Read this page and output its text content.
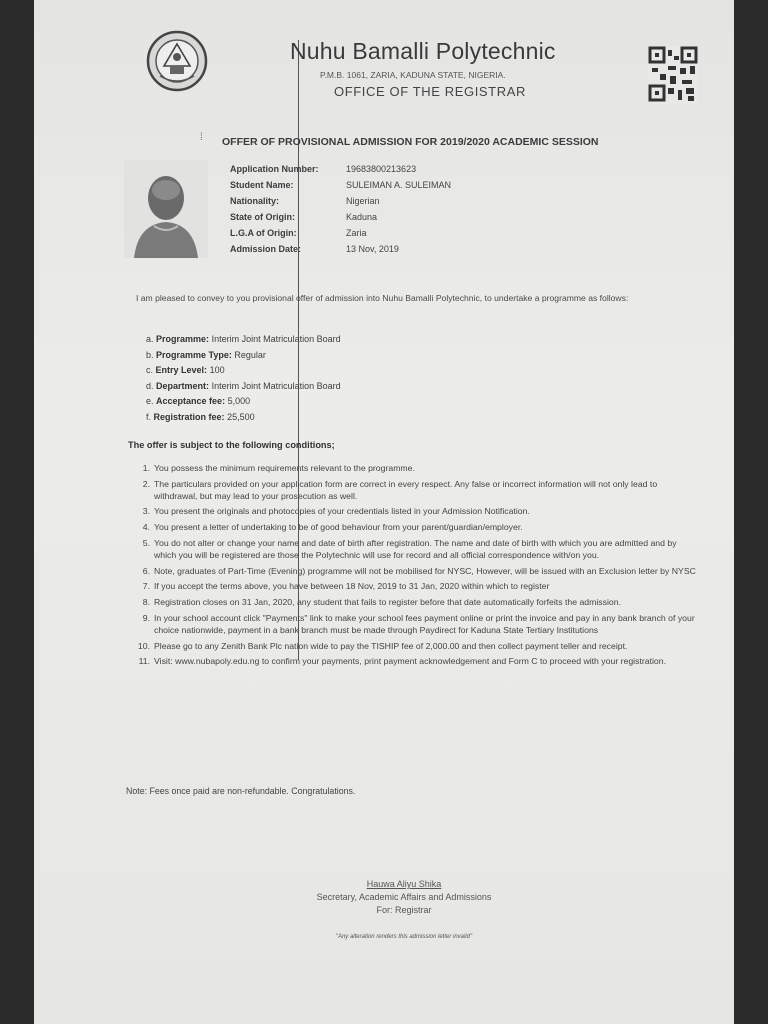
Nuhu Bamalli Polytechnic
P.M.B. 1061, ZARIA, KADUNA STATE, NIGERIA.
OFFICE OF THE REGISTRAR
⁞ OFFER OF PROVISIONAL ADMISSION FOR 2019/2020 ACADEMIC SESSION
Application Number:	19683800213623
Student Name:	SULEIMAN A. SULEIMAN
Nationality:	Nigerian
State of Origin:	Kaduna
L.G.A of Origin:	Zaria
Admission Date:	13 Nov, 2019
I am pleased to convey to you provisional offer of admission into Nuhu Bamalli Polytechnic, to undertake a programme as follows:
a. Programme: Interim Joint Matriculation Board
b. Programme Type: Regular
c. Entry Level: 100
d. Department: Interim Joint Matriculation Board
e. Acceptance fee: 5,000
f. Registration fee: 25,500
The offer is subject to the following conditions;
1. You possess the minimum requirements relevant to the programme.
2. The particulars provided on your application form are correct in every respect. Any false or incorrect information will not only lead to withdrawal, but may lead to your prosecution as well.
3. You present the originals and photocopies of your credentials listed in your Admission Notification.
4. You present a letter of undertaking to be of good behaviour from your parent/guardian/employer.
5. You do not alter or change your name and date of birth after registration. The name and date of birth with which you are admitted and by which you will be registered are those the Polytechnic will use for record and all official correspondence with/on you.
6. Note, graduates of Part-Time (Evening) programme will not be mobilised for NYSC, However, will be issued with an Exclusion letter by NYSC
7. If you accept the terms above, you have between 18 Nov, 2019 to 31 Jan, 2020 within which to register
8. Registration closes on 31 Jan, 2020, any student that fails to register before that date automatically forfeits the admission.
9. In your school account click "Payments" link to make your school fees payment online or print the invoice and pay in any bank branch of your choice nationwide, payment in a bank branch must be made through Paydirect for Kaduna State Tertiary Institutions
10. Please go to any Zenith Bank Plc nation wide to pay the TISHIP fee of 2,000.00 and then collect payment teller and receipt.
11. Visit: www.nubapoly.edu.ng to confirm your payments, print payment acknowledgement and Form C to proceed with your registration.
Note: Fees once paid are non-refundable. Congratulations.
Hauwa Aliyu Shika
Secretary, Academic Affairs and Admissions
For: Registrar
"Any alteration renders this admission letter invalid"
